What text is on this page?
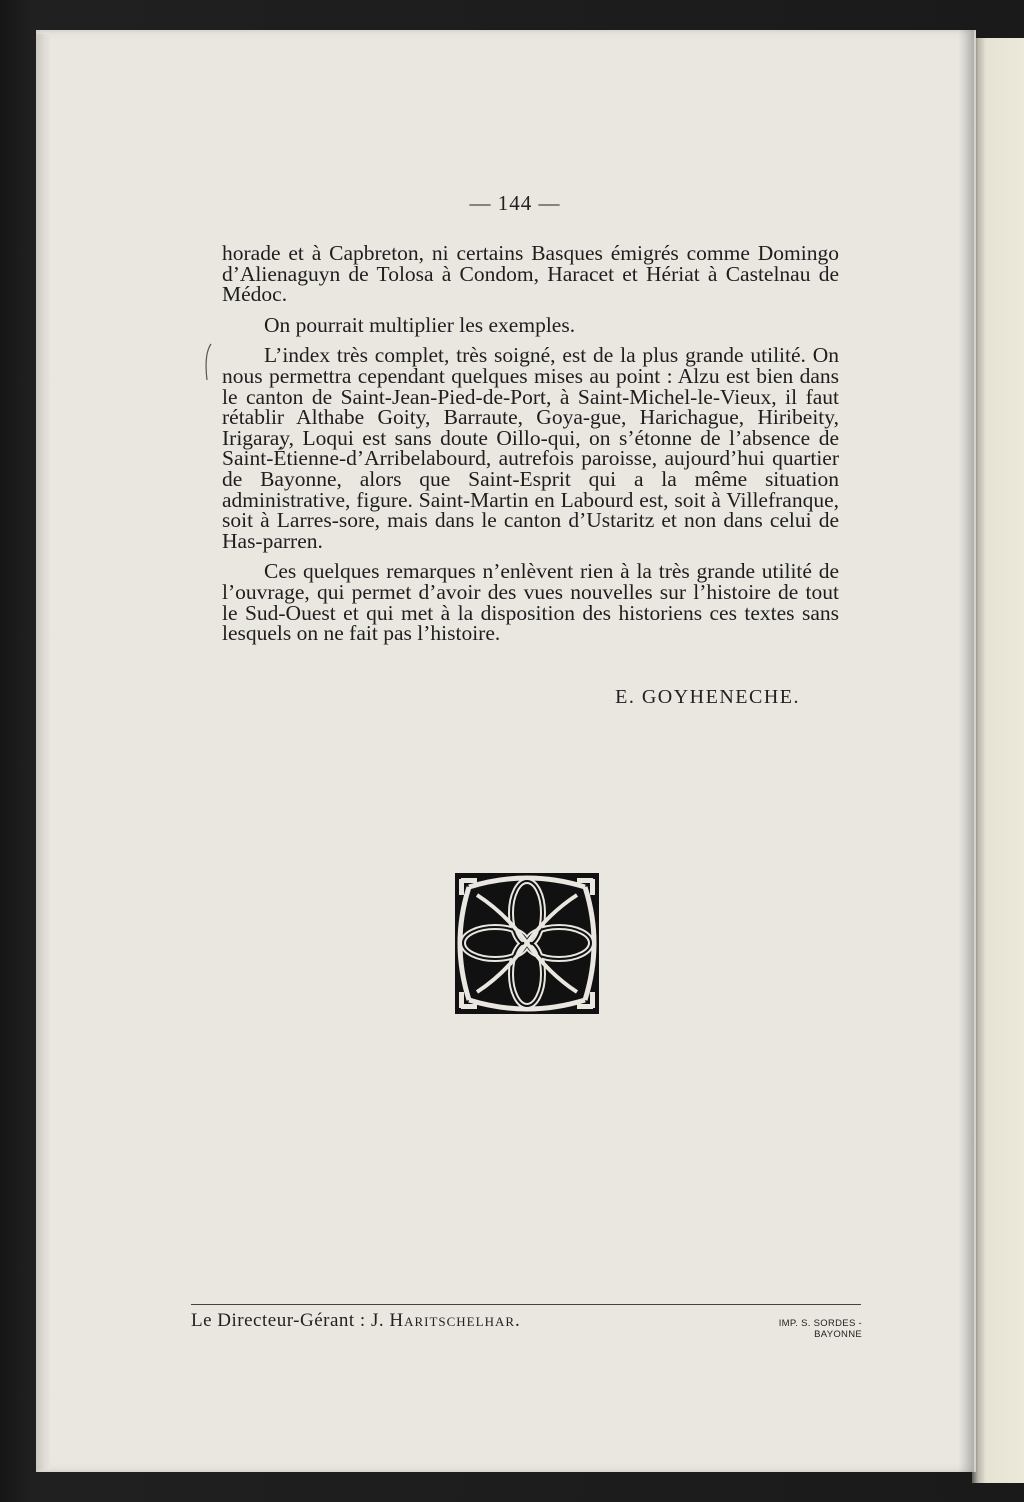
— 144 —

horade et à Capbreton, ni certains Basques émigrés comme Domingo d’Alienaguyn de Tolosa à Condom, Haracet et Hériat à Castelnau de Médoc.

On pourrait multiplier les exemples.

L’index très complet, très soigné, est de la plus grande utilité. On nous permettra cependant quelques mises au point : Alzu est bien dans le canton de Saint-Jean-Pied-de-Port, à Saint-Michel-le-Vieux, il faut rétablir Althabe Goity, Barraute, Goya-gue, Harichague, Hiribeity, Irigaray, Loqui est sans doute Oillo-qui, on s’étonne de l’absence de Saint-Étienne-d’Arribelabourd, autrefois paroisse, aujourd’hui quartier de Bayonne, alors que Saint-Esprit qui a la même situation administrative, figure. Saint-Martin en Labourd est, soit à Villefranque, soit à Larres-sore, mais dans le canton d’Ustaritz et non dans celui de Has-parren.

Ces quelques remarques n’enlèvent rien à la très grande utilité de l’ouvrage, qui permet d’avoir des vues nouvelles sur l’histoire de tout le Sud-Ouest et qui met à la disposition des historiens ces textes sans lesquels on ne fait pas l’histoire.

E. GOYHENECHE.
Le Directeur-Gérant : J. Haritschelhar.	IMP. S. SORDES - BAYONNE
